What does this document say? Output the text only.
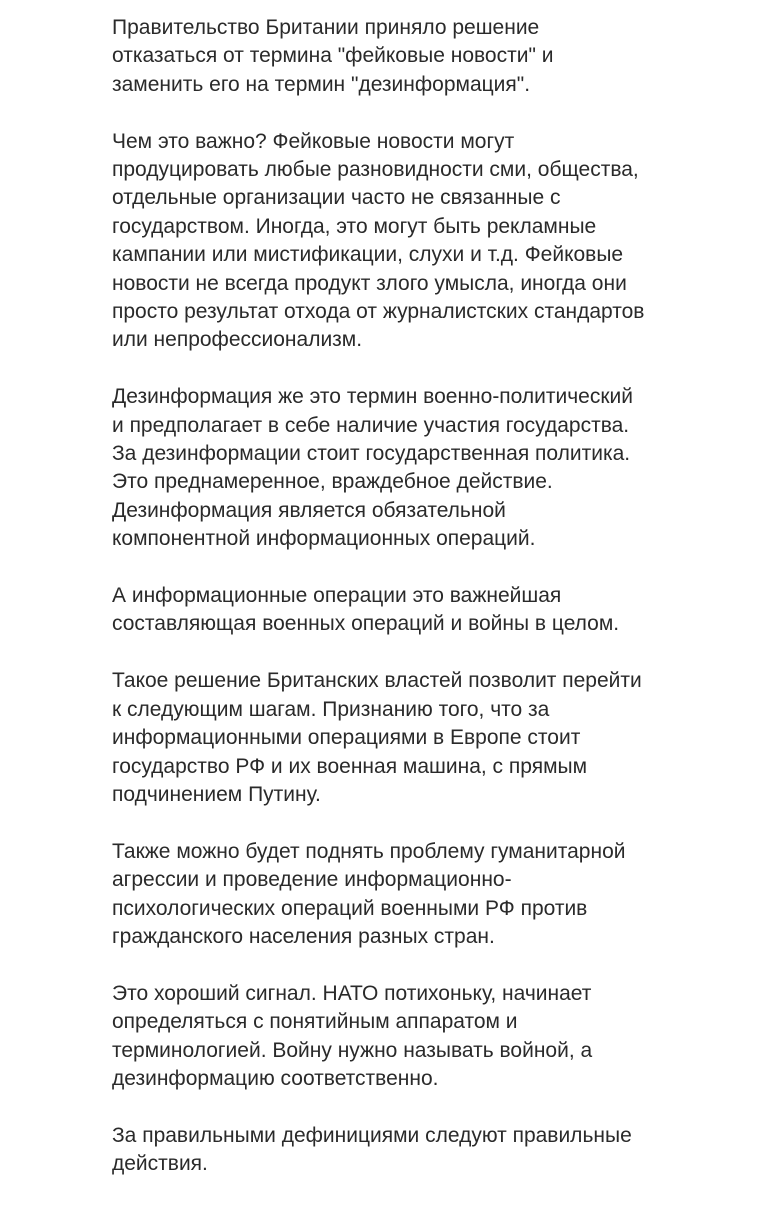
Правительство Британии приняло решение
отказаться от термина "фейковые новости" и
заменить его на термин "дезинформация".

Чем это важно? Фейковые новости могут
продуцировать любые разновидности сми, общества,
отдельные организации часто не связанные с
государством. Иногда, это могут быть рекламные
кампании или мистификации, слухи и т.д. Фейковые
новости не всегда продукт злого умысла, иногда они
просто результат отхода от журналистских стандартов
или непрофессионализм.

Дезинформация же это термин военно-политический
и предполагает в себе наличие участия государства.
За дезинформации стоит государственная политика.
Это преднамеренное, враждебное действие.
Дезинформация является обязательной
компонентной информационных операций.

А информационные операции это важнейшая
составляющая военных операций и войны в целом.

Такое решение Британских властей позволит перейти
к следующим шагам. Признанию того, что за
информационными операциями в Европе стоит
государство РФ и их военная машина, с прямым
подчинением Путину.

Также можно будет поднять проблему гуманитарной
агрессии и проведение информационно-
психологических операций военными РФ против
гражданского населения разных стран.

Это хороший сигнал. НАТО потихоньку, начинает
определяться с понятийным аппаратом и
терминологией. Войну нужно называть войной, а
дезинформацию соответственно.

За правильными дефинициями следуют правильные
действия.
